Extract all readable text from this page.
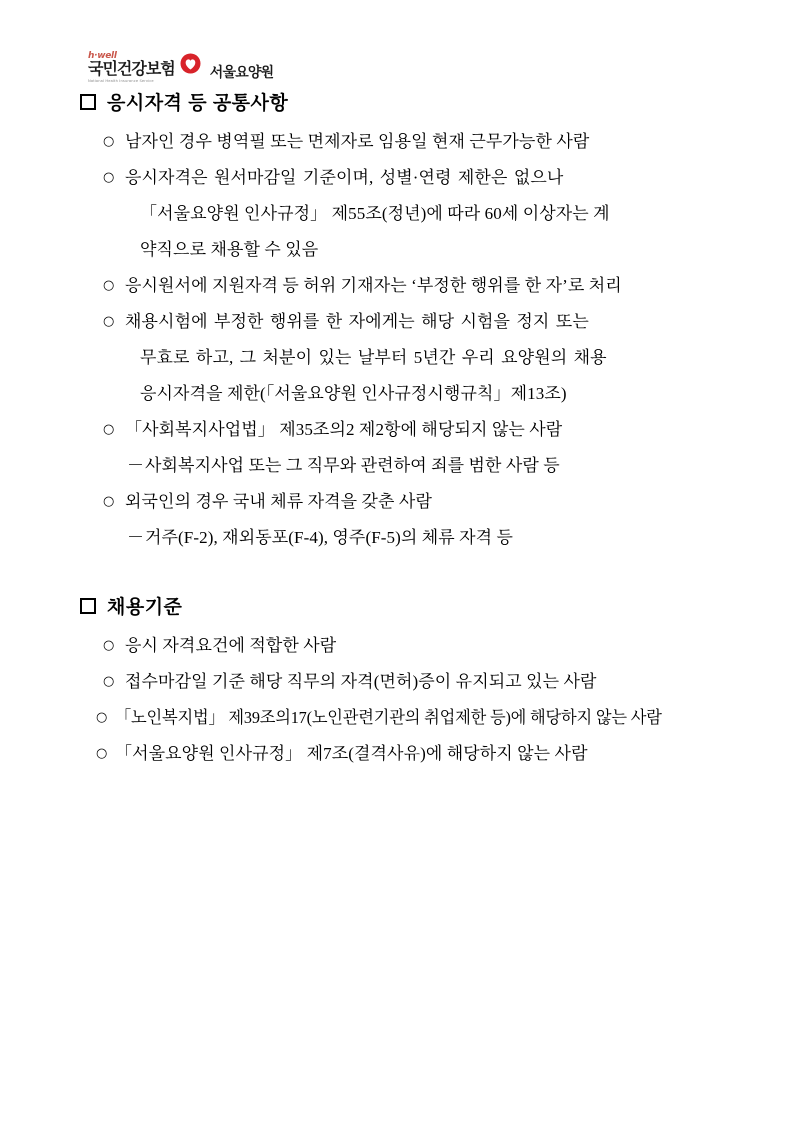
h·well
국민건강보험
National Health Insurance Service
서울요양원
응시자격 등 공통사항
○ 남자인 경우 병역필 또는 면제자로 임용일 현재 근무가능한 사람
○ 응시자격은 원서마감일 기준이며, 성별·연령 제한은 없으나
「서울요양원 인사규정」 제55조(정년)에 따라 60세 이상자는 계
약직으로 채용할 수 있음
○ 응시원서에 지원자격 등 허위 기재자는 ‘부정한 행위를 한 자’로 처리
○ 채용시험에 부정한 행위를 한 자에게는 해당 시험을 정지 또는
무효로 하고, 그 처분이 있는 날부터 5년간 우리 요양원의 채용
응시자격을 제한(「서울요양원 인사규정시행규칙」제13조)
○ 「사회복지사업법」 제35조의2 제2항에 해당되지 않는 사람
－ 사회복지사업 또는 그 직무와 관련하여 죄를 범한 사람 등
○ 외국인의 경우 국내 체류 자격을 갖춘 사람
－ 거주(F-2), 재외동포(F-4), 영주(F-5)의 체류 자격 등
채용기준
○ 응시 자격요건에 적합한 사람
○ 접수마감일 기준 해당 직무의 자격(면허)증이 유지되고 있는 사람
○ 「노인복지법」 제39조의17(노인관련기관의 취업제한 등)에 해당하지 않는 사람
○ 「서울요양원 인사규정」 제7조(결격사유)에 해당하지 않는 사람
